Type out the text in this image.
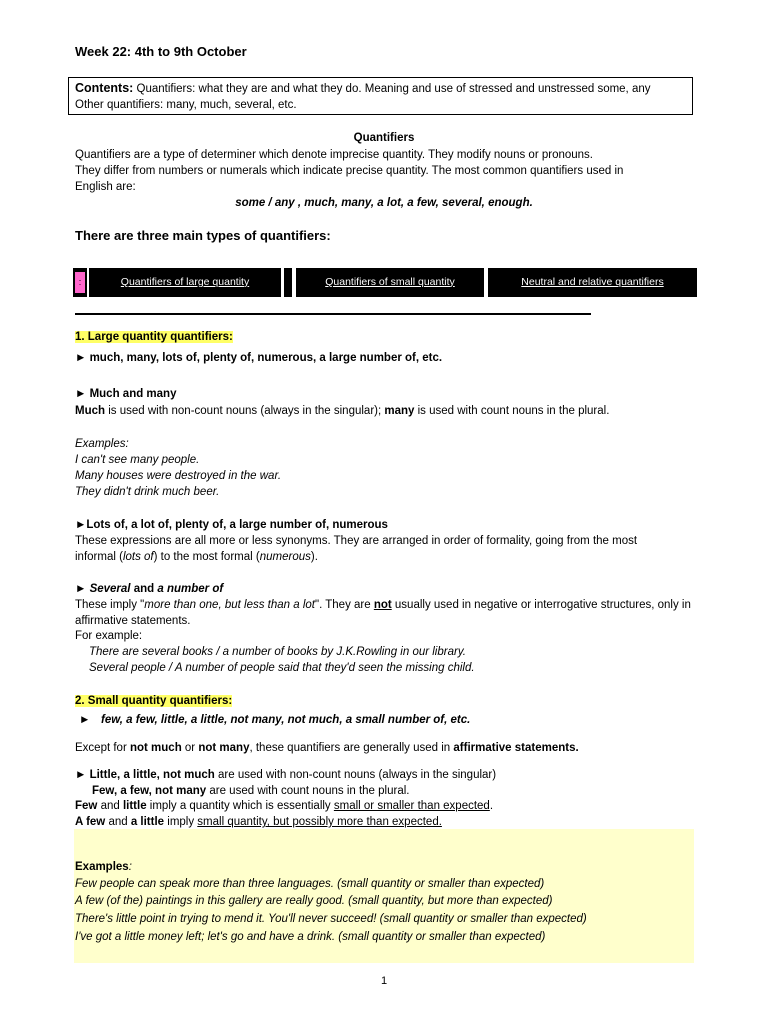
Week 22: 4th to 9th October
Contents: Quantifiers: what they are and what they do. Meaning and use of stressed and unstressed some, any
Other quantifiers: many, much, several, etc.
Quantifiers
Quantifiers are a type of determiner which denote imprecise quantity. They modify nouns or pronouns.
They differ from numbers or numerals which indicate precise quantity. The most common quantifiers used in
English are:
some / any , much, many, a lot, a few, several, enough.
There are three main types of quantifiers:
:	Quantifiers of large quantity	Quantifiers of small quantity	Neutral and relative quantifiers
1. Large quantity quantifiers:
► much, many, lots of, plenty of, numerous, a large number of, etc.
► Much and many
Much is used with non-count nouns (always in the singular); many is used with count nouns in the plural.
Examples:
I can't see many people.
Many houses were destroyed in the war.
They didn't drink much beer.
►Lots of, a lot of, plenty of, a large number of, numerous
These expressions are all more or less synonyms. They are arranged in order of formality, going from the most
informal (lots of) to the most formal (numerous).
► Several and a number of
These imply "more than one, but less than a lot". They are not usually used in negative or interrogative structures, only in
affirmative statements.
For example:
There are several books / a number of books by J.K.Rowling in our library.
Several people / A number of people said that they'd seen the missing child.
2. Small quantity quantifiers:
► few, a few, little, a little, not many, not much, a small number of, etc.
Except for not much or not many, these quantifiers are generally used in affirmative statements.
► Little, a little, not much are used with non-count nouns (always in the singular)
Few, a few, not many are used with count nouns in the plural.
Few and little imply a quantity which is essentially small or smaller than expected.
A few and a little imply small quantity, but possibly more than expected.
Examples:
Few people can speak more than three languages. (small quantity or smaller than expected)
A few (of the) paintings in this gallery are really good. (small quantity, but more than expected)
There's little point in trying to mend it. You'll never succeed! (small quantity or smaller than expected)
I've got a little money left; let's go and have a drink. (small quantity or smaller than expected)
1
